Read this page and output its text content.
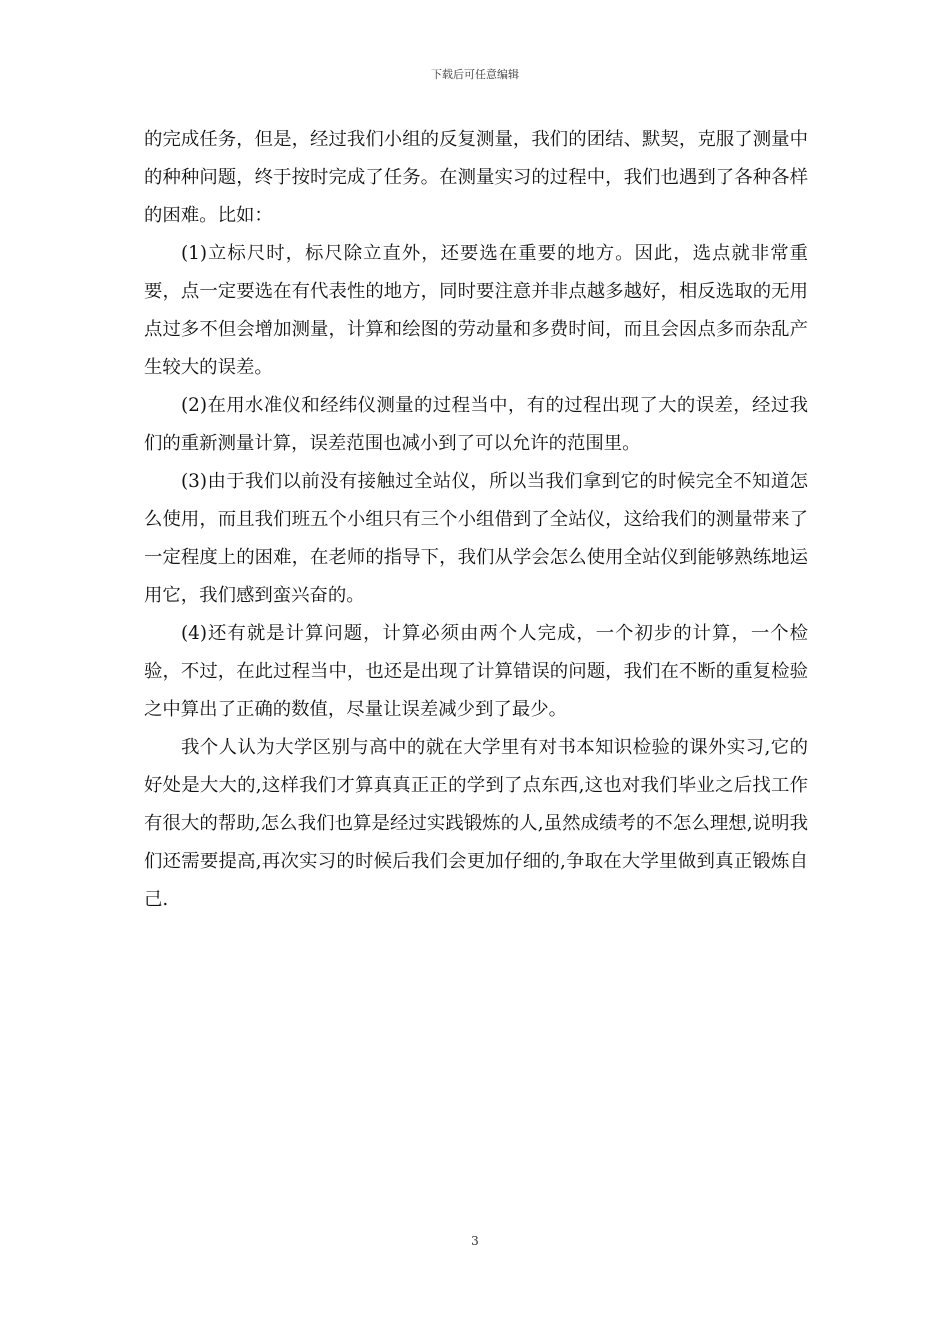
下载后可任意编辑

的完成任务，但是，经过我们小组的反复测量，我们的团结、默契，克服了测量中的种种问题，终于按时完成了任务。在测量实习的过程中，我们也遇到了各种各样的困难。比如：

(1)立标尺时，标尺除立直外，还要选在重要的地方。因此，选点就非常重要，点一定要选在有代表性的地方，同时要注意并非点越多越好，相反选取的无用点过多不但会增加测量，计算和绘图的劳动量和多费时间，而且会因点多而杂乱产生较大的误差。

(2)在用水准仪和经纬仪测量的过程当中，有的过程出现了大的误差，经过我们的重新测量计算，误差范围也减小到了可以允许的范围里。

(3)由于我们以前没有接触过全站仪，所以当我们拿到它的时候完全不知道怎么使用，而且我们班五个小组只有三个小组借到了全站仪，这给我们的测量带来了一定程度上的困难，在老师的指导下，我们从学会怎么使用全站仪到能够熟练地运用它，我们感到蛮兴奋的。

(4)还有就是计算问题，计算必须由两个人完成，一个初步的计算，一个检验，不过，在此过程当中，也还是出现了计算错误的问题，我们在不断的重复检验之中算出了正确的数值，尽量让误差减少到了最少。

我个人认为大学区别与高中的就在大学里有对书本知识检验的课外实习,它的好处是大大的,这样我们才算真真正正的学到了点东西,这也对我们毕业之后找工作有很大的帮助,怎么我们也算是经过实践锻炼的人,虽然成绩考的不怎么理想,说明我们还需要提高,再次实习的时候后我们会更加仔细的,争取在大学里做到真正锻炼自己.

3
